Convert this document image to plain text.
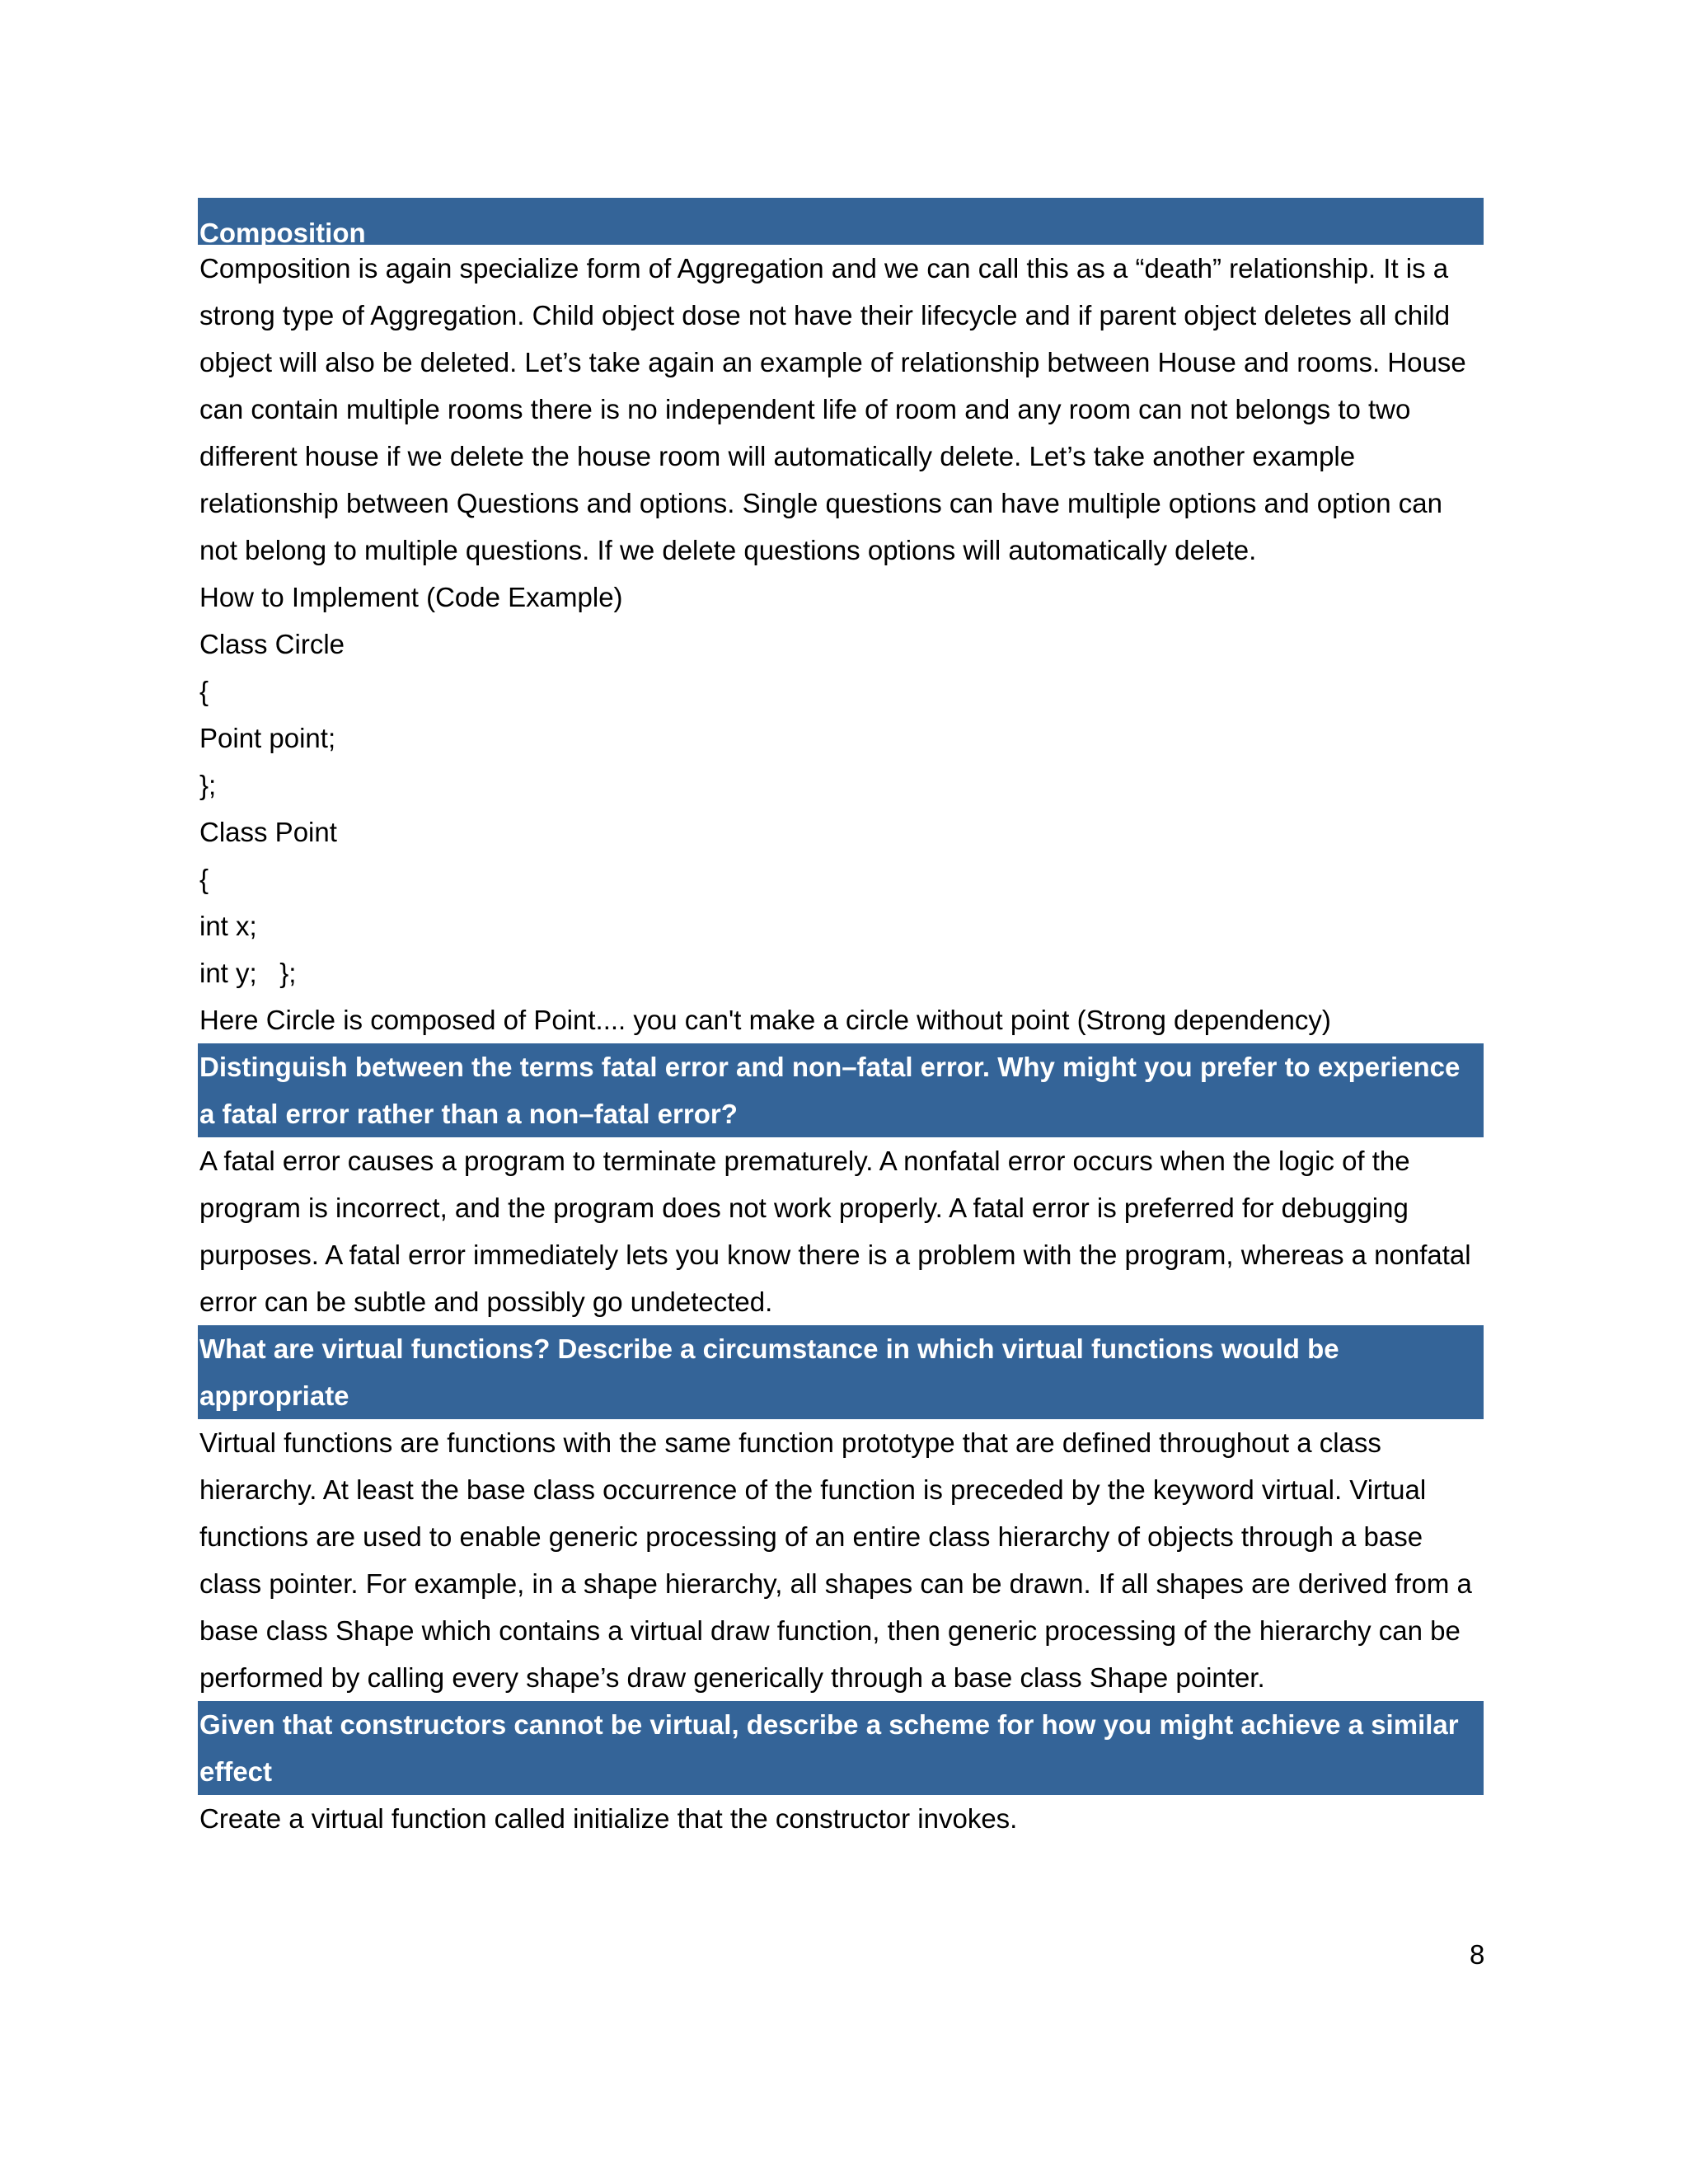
Composition

Composition is again specialize form of Aggregation and we can call this as a “death” relationship. It is a strong type of Aggregation. Child object dose not have their lifecycle and if parent object deletes all child object will also be deleted. Let’s take again an example of relationship between House and rooms. House can contain multiple rooms there is no independent life of room and any room can not belongs to two different house if we delete the house room will automatically delete. Let’s take another example relationship between Questions and options. Single questions can have multiple options and option can not belong to multiple questions. If we delete questions options will automatically delete.

How to Implement (Code Example)

Class Circle

{

Point point;

};

Class Point

{

int x;

int y;   };

Here Circle is composed of Point.... you can't make a circle without point (Strong dependency)

Distinguish between the terms fatal error and non–fatal error. Why might you prefer to experience a fatal error rather than a non–fatal error?

A fatal error causes a program to terminate prematurely. A nonfatal error occurs when the logic of the program is incorrect, and the program does not work properly. A fatal error is preferred for debugging purposes. A fatal error immediately lets you know there is a problem with the program, whereas a nonfatal error can be subtle and possibly go undetected.

What are virtual functions? Describe a circumstance in which virtual functions would be appropriate

Virtual functions are functions with the same function prototype that are defined throughout a class hierarchy. At least the base class occurrence of the function is preceded by the keyword virtual. Virtual functions are used to enable generic processing of an entire class hierarchy of objects through a base class pointer. For example, in a shape hierarchy, all shapes can be drawn. If all shapes are derived from a base class Shape which contains a virtual draw function, then generic processing of the hierarchy can be performed by calling every shape’s draw generically through a base class Shape pointer.

Given that constructors cannot be virtual, describe a scheme for how you might achieve a similar effect

Create a virtual function called initialize that the constructor invokes.

8
